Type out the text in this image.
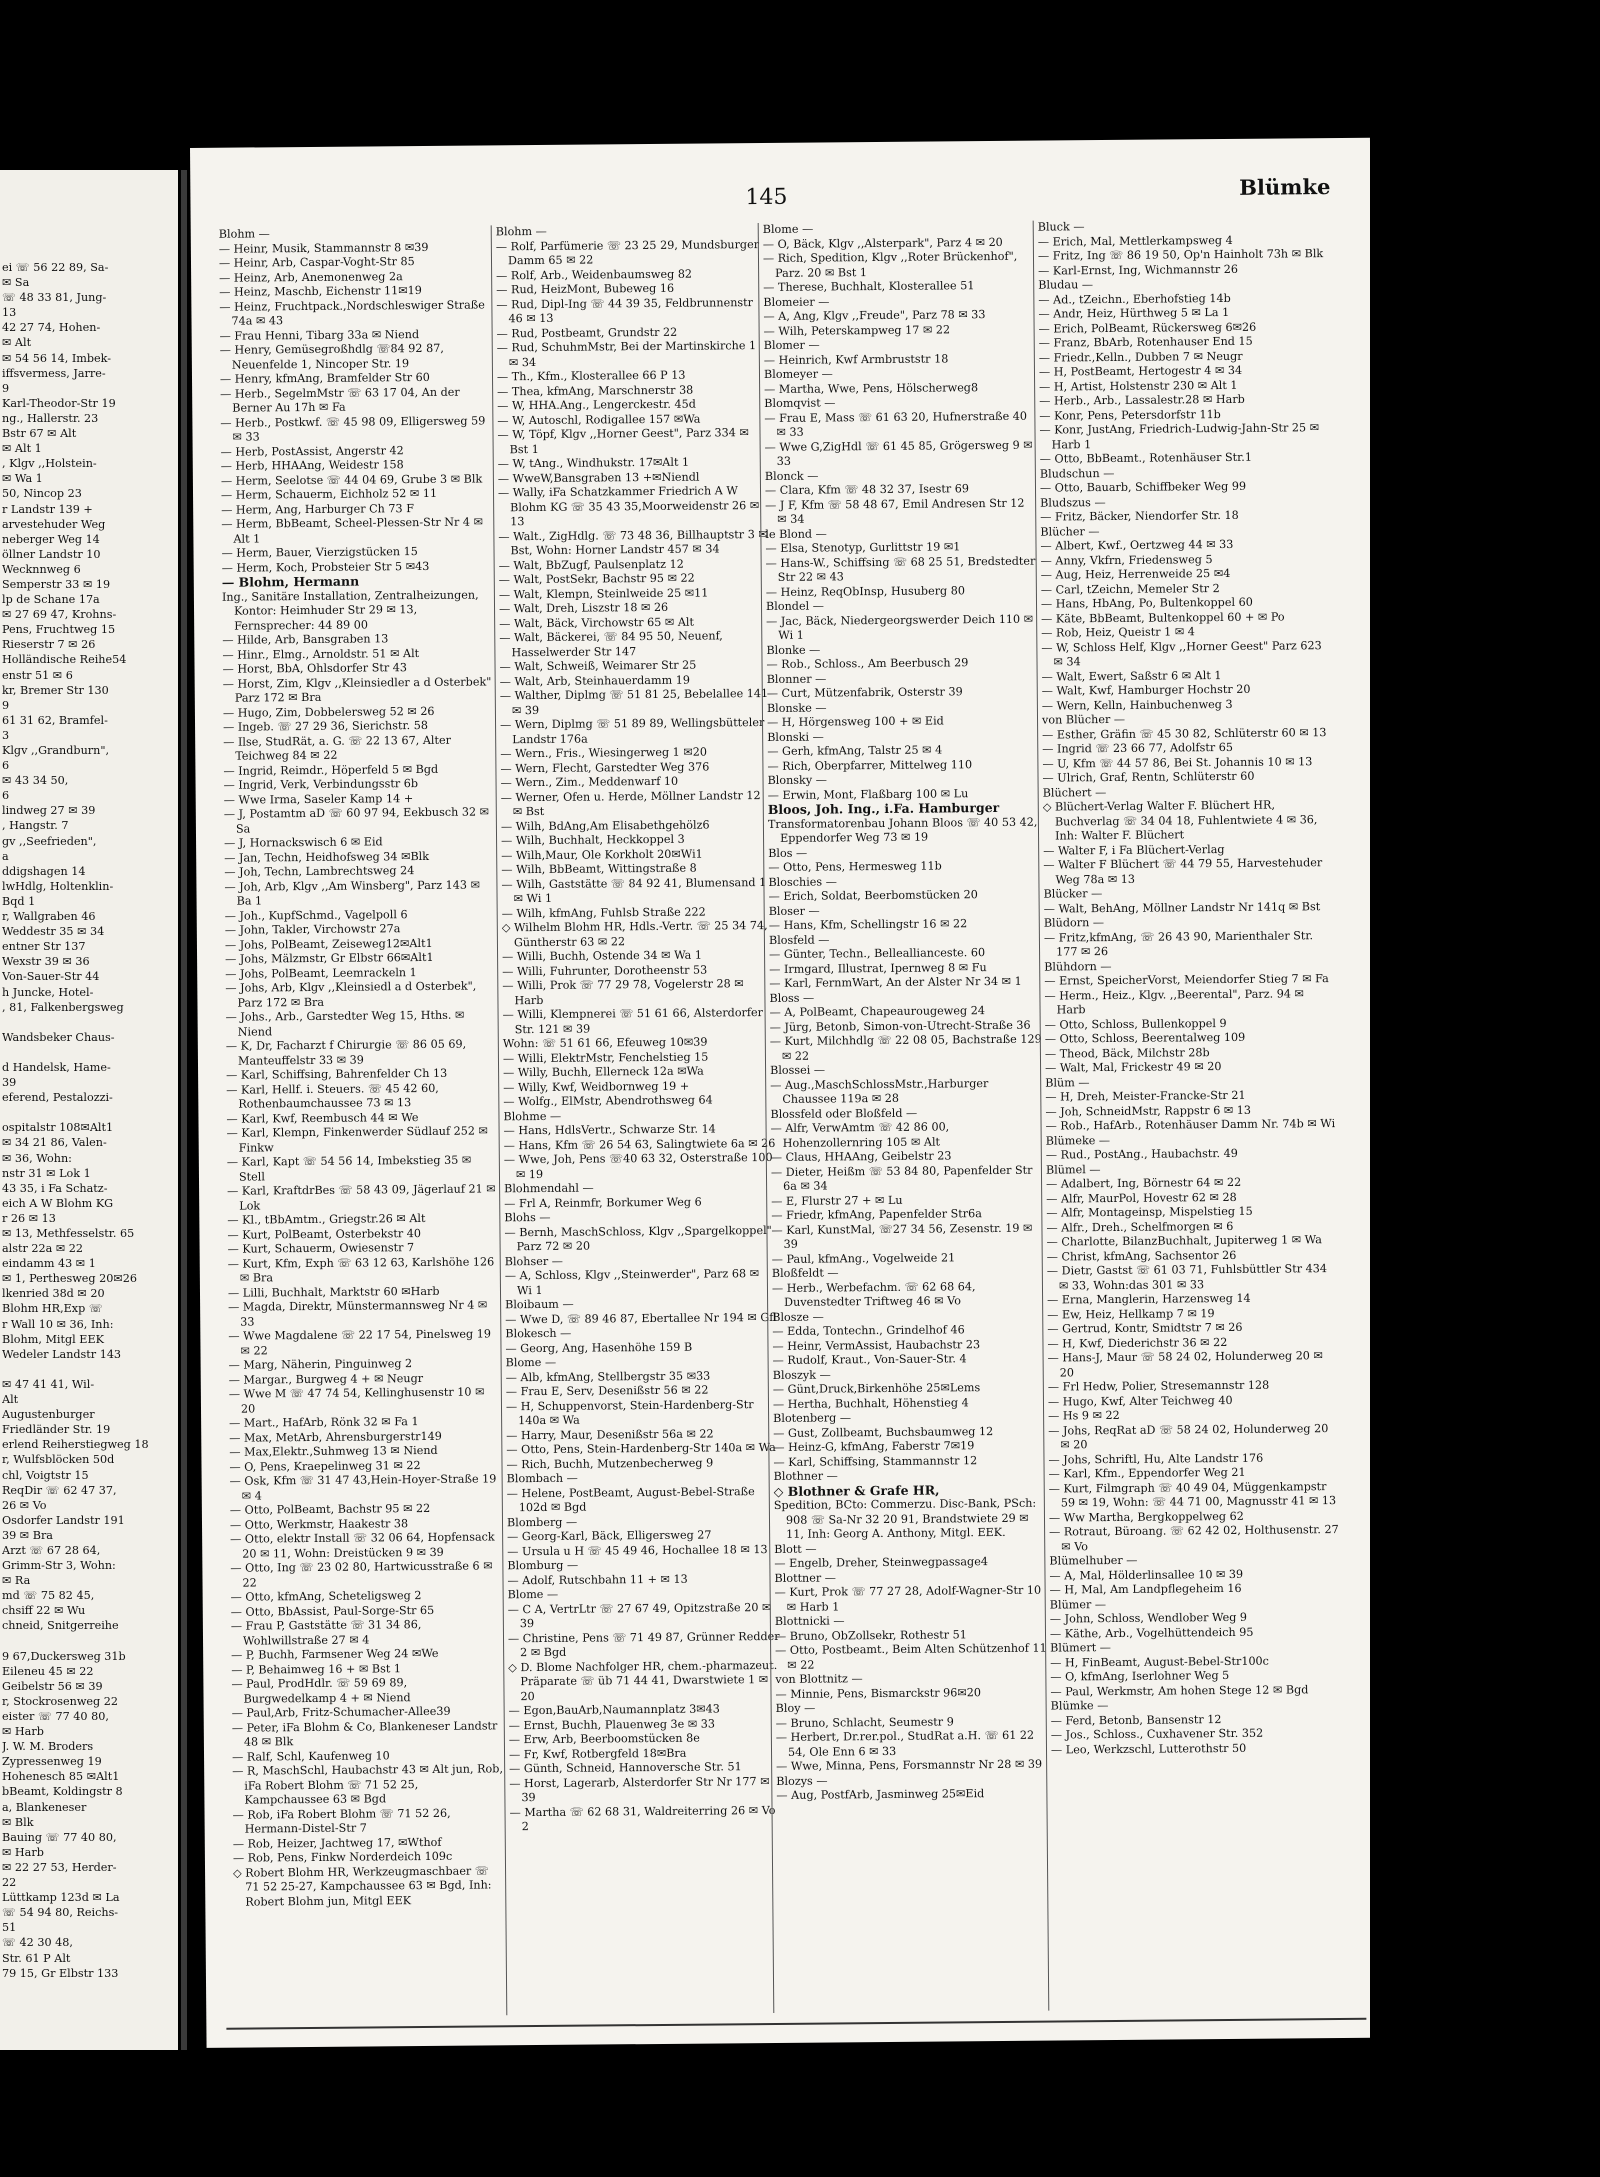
ei ☏ 56 22 89, Sa-
✉ Sa
☏ 48 33 81, Jung-
13
42 27 74, Hohen-
✉ Alt
✉ 54 56 14, Imbek-
iffsvermess, Jarre-
9
Karl-Theodor-Str 19
ng., Hallerstr. 23
Bstr 67 ✉ Alt
✉ Alt 1
, Klgv ,,Holstein-
✉ Wa 1
50, Nincop 23
r Landstr 139 +
arvestehuder Weg
neberger Weg 14
öllner Landstr 10
Wecknnweg 6
Semperstr 33 ✉ 19
lp de Schane 17a
✉ 27 69 47, Krohns-
Pens, Fruchtweg 15
Rieserstr 7 ✉ 26
Holländische Reihe54
enstr 51 ✉ 6
kr, Bremer Str 130
9
61 31 62, Bramfel-
3
Klgv ,,Grandburn",
6
✉ 43 34 50,
6
lindweg 27 ✉ 39
, Hangstr. 7
gv ,,Seefrieden",
a
ddigshagen 14
lwHdlg, Holtenklin-
Bqd 1
r, Wallgraben 46
Weddestr 35 ✉ 34
entner Str 137
Wexstr 39 ✉ 36
Von-Sauer-Str 44
h Juncke, Hotel-
, 81, Falkenbergsweg

Wandsbeker Chaus-

d Handelsk, Hame-
39
eferend, Pestalozzi-

ospitalstr 108✉Alt1
✉ 34 21 86, Valen-
✉ 36, Wohn:
nstr 31 ✉ Lok 1
43 35, i Fa Schatz-
eich A W Blohm KG
r 26 ✉ 13
✉ 13, Methfesselstr. 65
alstr 22a ✉ 22
eindamm 43 ✉ 1
✉ 1, Perthesweg 20✉26
lkenried 38d ✉ 20
Blohm HR,Exp ☏
r Wall 10 ✉ 36, Inh:
Blohm, Mitgl EEK
Wedeler Landstr 143

✉ 47 41 41, Wil-
Alt
Augustenburger
Friedländer Str. 19
erlend Reiherstiegweg 18
r, Wulfsblöcken 50d
chl, Voigtstr 15
ReqDir ☏ 62 47 37,
26 ✉ Vo
Osdorfer Landstr 191
39 ✉ Bra
Arzt ☏ 67 28 64,
Grimm-Str 3, Wohn:
✉ Ra
md ☏ 75 82 45,
chsiff 22 ✉ Wu
chneid, Snitgerreihe

9 67,Duckersweg 31b
Eileneu 45 ✉ 22
Geibelstr 56 ✉ 39
r, Stockrosenweg 22
eister ☏ 77 40 80,
✉ Harb
J. W. M. Broders
Zypressenweg 19
Hohenesch 85 ✉Alt1
bBeamt, Koldingstr 8
a, Blankeneser
✉ Blk
Bauing ☏ 77 40 80,
✉ Harb
✉ 22 27 53, Herder-
22
Lüttkamp 123d ✉ La
☏ 54 94 80, Reichs-
51
☏ 42 30 48,
Str. 61 P Alt
79 15, Gr Elbstr 133
145	Blümke
Blohm —
— Heinr, Musik, Stammannstr 8 ✉39
— Heinr, Arb, Caspar-Voght-Str 85
— Heinz, Arb, Anemonenweg 2a
— Heinz, Maschb, Eichenstr 11✉19
— Heinz, Fruchtpack.,Nordschleswiger Straße 74a ✉ 43
— Frau Henni, Tibarg 33a ✉ Niend
— Henry, Gemüsegroßhdlg ☏84 92 87, Neuenfelde 1, Nincoper Str. 19
— Henry, kfmAng, Bramfelder Str 60
— Herb., SegelmMstr ☏ 63 17 04, An der Berner Au 17h ✉ Fa
— Herb., Postkwf. ☏ 45 98 09, Elligersweg 59 ✉ 33
— Herb, PostAssist, Angerstr 42
— Herb, HHAAng, Weidestr 158
— Herm, Seelotse ☏ 44 04 69, Grube 3 ✉ Blk
— Herm, Schauerm, Eichholz 52 ✉ 11
— Herm, Ang, Harburger Ch 73 F
— Herm, BbBeamt, Scheel-Plessen-Str Nr 4 ✉ Alt 1
— Herm, Bauer, Vierzigstücken 15
— Herm, Koch, Probsteier Str 5 ✉43
— Blohm, Hermann
Ing., Sanitäre Installation, Zentralheizungen, Kontor: Heimhuder Str 29 ✉ 13, Fernsprecher: 44 89 00
— Hilde, Arb, Bansgraben 13
— Hinr., Elmg., Arnoldstr. 51 ✉ Alt
— Horst, BbA, Ohlsdorfer Str 43
— Horst, Zim, Klgv ,,Kleinsiedler a d Osterbek" Parz 172 ✉ Bra
— Hugo, Zim, Dobbelersweg 52 ✉ 26
— Ingeb. ☏ 27 29 36, Sierichstr. 58
— Ilse, StudRät, a. G. ☏ 22 13 67, Alter Teichweg 84 ✉ 22
— Ingrid, Reimdr., Höperfeld 5 ✉ Bgd
— Ingrid, Verk, Verbindungsstr 6b
— Wwe Irma, Saseler Kamp 14 +
— J, Postamtm aD ☏ 60 97 94, Eekbusch 32 ✉ Sa
— J, Hornackswisch 6 ✉ Eid
— Jan, Techn, Heidhofsweg 34 ✉Blk
— Joh, Techn, Lambrechtsweg 24
— Joh, Arb, Klgv ,,Am Winsberg", Parz 143 ✉ Ba 1
— Joh., KupfSchmd., Vagelpoll 6
— John, Takler, Virchowstr 27a
— Johs, PolBeamt, Zeiseweg12✉Alt1
— Johs, Mälzmstr, Gr Elbstr 66✉Alt1
— Johs, PolBeamt, Leemrackeln 1
— Johs, Arb, Klgv ,,Kleinsiedl a d Osterbek", Parz 172 ✉ Bra
— Johs., Arb., Garstedter Weg 15, Hths. ✉ Niend
— K, Dr, Facharzt f Chirurgie ☏ 86 05 69, Manteuffelstr 33 ✉ 39
— Karl, Schiffsing, Bahrenfelder Ch 13
— Karl, Hellf. i. Steuers. ☏ 45 42 60, Rothenbaumchaussee 73 ✉ 13
— Karl, Kwf, Reembusch 44 ✉ We
— Karl, Klempn, Finkenwerder Südlauf 252 ✉ Finkw
— Karl, Kapt ☏ 54 56 14, Imbekstieg 35 ✉ Stell
— Karl, KraftdrBes ☏ 58 43 09, Jägerlauf 21 ✉ Lok
— Kl., tBbAmtm., Griegstr.26 ✉ Alt
— Kurt, PolBeamt, Osterbekstr 40
— Kurt, Schauerm, Owiesenstr 7
— Kurt, Kfm, Exph ☏ 63 12 63, Karlshöhe 126 ✉ Bra
— Lilli, Buchhalt, Marktstr 60 ✉Harb
— Magda, Direktr, Münstermannsweg Nr 4 ✉ 33
— Wwe Magdalene ☏ 22 17 54, Pinelsweg 19 ✉ 22
— Marg, Näherin, Pinguinweg 2
— Margar., Burgweg 4 + ✉ Neugr
— Wwe M ☏ 47 74 54, Kellinghusenstr 10 ✉ 20
— Mart., HafArb, Rönk 32 ✉ Fa 1
— Max, MetArb, Ahrensburgerstr149
— Max,Elektr.,Suhmweg 13 ✉ Niend
— O, Pens, Kraepelinweg 31 ✉ 22
— Osk, Kfm ☏ 31 47 43,Hein-Hoyer-Straße 19 ✉ 4
— Otto, PolBeamt, Bachstr 95 ✉ 22
— Otto, Werkmstr, Haakestr 38
— Otto, elektr Install ☏ 32 06 64, Hopfensack 20 ✉ 11, Wohn: Dreistücken 9 ✉ 39
— Otto, Ing ☏ 23 02 80, Hartwicusstraße 6 ✉ 22
— Otto, kfmAng, Scheteligsweg 2
— Otto, BbAssist, Paul-Sorge-Str 65
— Frau P, Gaststätte ☏ 31 34 86, Wohlwillstraße 27 ✉ 4
— P, Buchh, Farmsener Weg 24 ✉We
— P, Behaimweg 16 + ✉ Bst 1
— Paul, ProdHdlr. ☏ 59 69 89, Burgwedelkamp 4 + ✉ Niend
— Paul,Arb, Fritz-Schumacher-Allee39
— Peter, iFa Blohm & Co, Blankeneser Landstr 48 ✉ Blk
— Ralf, Schl, Kaufenweg 10
— R, MaschSchl, Haubachstr 43 ✉ Alt jun, Rob, iFa Robert Blohm ☏ 71 52 25, Kampchaussee 63 ✉ Bgd
— Rob, iFa Robert Blohm ☏ 71 52 26, Hermann-Distel-Str 7
— Rob, Heizer, Jachtweg 17, ✉Wthof
— Rob, Pens, Finkw Norderdeich 109c
◇ Robert Blohm HR, Werkzeugmaschbaer ☏ 71 52 25-27, Kampchaussee 63 ✉ Bgd, Inh: Robert Blohm jun, Mitgl EEK
Blohm —
— Rolf, Parfümerie ☏ 23 25 29, Mundsburger Damm 65 ✉ 22
— Rolf, Arb., Weidenbaumsweg 82
— Rud, HeizMont, Bubeweg 16
— Rud, Dipl-Ing ☏ 44 39 35, Feldbrunnenstr 46 ✉ 13
— Rud, Postbeamt, Grundstr 22
— Rud, SchuhmMstr, Bei der Martinskirche 1 ✉ 34
— Th., Kfm., Klosterallee 66 P 13
— Thea, kfmAng, Marschnerstr 38
— W, HHA.Ang., Lengerckestr. 45d
— W, Autoschl, Rodigallee 157 ✉Wa
— W, Töpf, Klgv ,,Horner Geest", Parz 334 ✉ Bst 1
— W, tAng., Windhukstr. 17✉Alt 1
— WweW,Bansgraben 13 +✉Niendl
— Wally, iFa Schatzkammer Friedrich A W Blohm KG ☏ 35 43 35,Moorweidenstr 26 ✉ 13
— Walt., ZigHdlg. ☏ 73 48 36, Billhauptstr 3 ✉ Bst, Wohn: Horner Landstr 457 ✉ 34
— Walt, BbZugf, Paulsenplatz 12
— Walt, PostSekr, Bachstr 95 ✉ 22
— Walt, Klempn, Steinlweide 25 ✉11
— Walt, Dreh, Liszstr 18 ✉ 26
— Walt, Bäck, Virchowstr 65 ✉ Alt
— Walt, Bäckerei, ☏ 84 95 50, Neuenf, Hasselwerder Str 147
— Walt, Schweiß, Weimarer Str 25
— Walt, Arb, Steinhauerdamm 19
— Walther, Diplmg ☏ 51 81 25, Bebelallee 141 ✉ 39
— Wern, Diplmg ☏ 51 89 89, Wellingsbütteler Landstr 176a
— Wern., Fris., Wiesingerweg 1 ✉20
— Wern, Flecht, Garstedter Weg 376
— Wern., Zim., Meddenwarf 10
— Werner, Ofen u. Herde, Möllner Landstr 12 ✉ Bst
— Wilh, BdAng,Am Elisabethgehölz6
— Wilh, Buchhalt, Heckkoppel 3
— Wilh,Maur, Ole Korkholt 20✉Wi1
— Wilh, BbBeamt, Wittingstraße 8
— Wilh, Gaststätte ☏ 84 92 41, Blumensand 1 ✉ Wi 1
— Wilh, kfmAng, Fuhlsb Straße 222
◇ Wilhelm Blohm HR, Hdls.-Vertr. ☏ 25 34 74, Güntherstr 63 ✉ 22
— Willi, Buchh, Ostende 34 ✉ Wa 1
— Willi, Fuhrunter, Dorotheenstr 53
— Willi, Prok ☏ 77 29 78, Vogelerstr 28 ✉ Harb
— Willi, Klempnerei ☏ 51 61 66, Alsterdorfer Str. 121 ✉ 39
Wohn: ☏ 51 61 66, Efeuweg 10✉39
— Willi, ElektrMstr, Fenchelstieg 15
— Willy, Buchh, Ellerneck 12a ✉Wa
— Willy, Kwf, Weidbornweg 19 +
— Wolfg., ElMstr, Abendrothsweg 64
Blohme —
— Hans, HdlsVertr., Schwarze Str. 14
— Hans, Kfm ☏ 26 54 63, Salingtwiete 6a ✉ 26
— Wwe, Joh, Pens ☏40 63 32, Osterstraße 100 ✉ 19
Blohmendahl —
— Frl A, Reinmfr, Borkumer Weg 6
Blohs —
— Bernh, MaschSchloss, Klgv ,,Spargelkoppel" Parz 72 ✉ 20
Blohser —
— A, Schloss, Klgv ,,Steinwerder", Parz 68 ✉ Wi 1
Bloibaum —
— Wwe D, ☏ 89 46 87, Ebertallee Nr 194 ✉ Gfl
Blokesch —
— Georg, Ang, Hasenhöhe 159 B
Blome —
— Alb, kfmAng, Stellbergstr 35 ✉33
— Frau E, Serv, Desenißstr 56 ✉ 22
— H, Schuppenvorst, Stein-Hardenberg-Str 140a ✉ Wa
— Harry, Maur, Desenißstr 56a ✉ 22
— Otto, Pens, Stein-Hardenberg-Str 140a ✉ Wa
— Rich, Buchh, Mutzenbecherweg 9
Blombach —
— Helene, PostBeamt, August-Bebel-Straße 102d ✉ Bgd
Blomberg —
— Georg-Karl, Bäck, Elligersweg 27
— Ursula u H ☏ 45 49 46, Hochallee 18 ✉ 13
Blomburg —
— Adolf, Rutschbahn 11 + ✉ 13
Blome —
— C A, VertrLtr ☏ 27 67 49, Opitzstraße 20 ✉ 39
— Christine, Pens ☏ 71 49 87, Grünner Redder 2 ✉ Bgd
◇ D. Blome Nachfolger HR, chem.-pharmazeut. Präparate ☏ üb 71 44 41, Dwarstwiete 1 ✉ 20
— Egon,BauArb,Naumannplatz 3✉43
— Ernst, Buchh, Plauenweg 3e ✉ 33
— Erw, Arb, Beerboomstücken 8e
— Fr, Kwf, Rotbergfeld 18✉Bra
— Günth, Schneid, Hannoversche Str. 51
— Horst, Lagerarb, Alsterdorfer Str Nr 177 ✉ 39
— Martha ☏ 62 68 31, Waldreiterring 26 ✉ Vo 2
Blome —
— O, Bäck, Klgv ,,Alsterpark", Parz 4 ✉ 20
— Rich, Spedition, Klgv ,,Roter Brückenhof", Parz. 20 ✉ Bst 1
— Therese, Buchhalt, Klosterallee 51
Blomeier —
— A, Ang, Klgv ,,Freude", Parz 78 ✉ 33
— Wilh, Peterskampweg 17 ✉ 22
Blomer —
— Heinrich, Kwf Armbruststr 18
Blomeyer —
— Martha, Wwe, Pens, Hölscherweg8
Blomqvist —
— Frau E, Mass ☏ 61 63 20, Hufnerstraße 40 ✉ 33
— Wwe G,ZigHdl ☏ 61 45 85, Grögersweg 9 ✉ 33
Blonck —
— Clara, Kfm ☏ 48 32 37, Isestr 69
— J F, Kfm ☏ 58 48 67, Emil Andresen Str 12 ✉ 34
le Blond —
— Elsa, Stenotyp, Gurlittstr 19 ✉1
— Hans-W., Schiffsing ☏ 68 25 51, Bredstedter Str 22 ✉ 43
— Heinz, ReqObInsp, Husuberg 80
Blondel —
— Jac, Bäck, Niedergeorgswerder Deich 110 ✉ Wi 1
Blonke —
— Rob., Schloss., Am Beerbusch 29
Blonner —
— Curt, Mützenfabrik, Osterstr 39
Blonske —
— H, Hörgensweg 100 + ✉ Eid
Blonski —
— Gerh, kfmAng, Talstr 25 ✉ 4
— Rich, Oberpfarrer, Mittelweg 110
Blonsky —
— Erwin, Mont, Flaßbarg 100 ✉ Lu
Bloos, Joh. Ing., i.Fa. Hamburger
Transformatorenbau Johann Bloos ☏ 40 53 42, Eppendorfer Weg 73 ✉ 19
Blos —
— Otto, Pens, Hermesweg 11b
Bloschies —
— Erich, Soldat, Beerbomstücken 20
Bloser —
— Hans, Kfm, Schellingstr 16 ✉ 22
Blosfeld —
— Günter, Techn., Belleallianceste. 60
— Irmgard, Illustrat, Ipernweg 8 ✉ Fu
— Karl, FernmWart, An der Alster Nr 34 ✉ 1
Bloss —
— A, PolBeamt, Chapeaurougeweg 24
— Jürg, Betonb, Simon-von-Utrecht-Straße 36
— Kurt, Milchhdlg ☏ 22 08 05, Bachstraße 129 ✉ 22
Blossei —
— Aug.,MaschSchlossMstr.,Harburger Chaussee 119a ✉ 28
Blossfeld oder Bloßfeld —
— Alfr, VerwAmtm ☏ 42 86 00, Hohenzollernring 105 ✉ Alt
— Claus, HHAAng, Geibelstr 23
— Dieter, Heißm ☏ 53 84 80, Papenfelder Str 6a ✉ 34
— E, Flurstr 27 + ✉ Lu
— Friedr, kfmAng, Papenfelder Str6a
— Karl, KunstMal, ☏27 34 56, Zesenstr. 19 ✉ 39
— Paul, kfmAng., Vogelweide 21
Bloßfeldt —
— Herb., Werbefachm. ☏ 62 68 64, Duvenstedter Triftweg 46 ✉ Vo
Blosze —
— Edda, Tontechn., Grindelhof 46
— Heinr, VermAssist, Haubachstr 23
— Rudolf, Kraut., Von-Sauer-Str. 4
Bloszyk —
— Günt,Druck,Birkenhöhe 25✉Lems
— Hertha, Buchhalt, Höhenstieg 4
Blotenberg —
— Gust, Zollbeamt, Buchsbaumweg 12
— Heinz-G, kfmAng, Faberstr 7✉19
— Karl, Schiffsing, Stammannstr 12
Blothner —
◇ Blothner & Grafe HR,
Spedition, BCto: Commerzu. Disc-Bank, PSch: 908 ☏ Sa-Nr 32 20 91, Brandstwiete 29 ✉ 11, Inh: Georg A. Anthony, Mitgl. EEK.
Blott —
— Engelb, Dreher, Steinwegpassage4
Blottner —
— Kurt, Prok ☏ 77 27 28, Adolf-Wagner-Str 10 ✉ Harb 1
Blottnicki —
— Bruno, ObZollsekr, Rothestr 51
— Otto, Postbeamt., Beim Alten Schützenhof 11 ✉ 22
von Blottnitz —
— Minnie, Pens, Bismarckstr 96✉20
Bloy —
— Bruno, Schlacht, Seumestr 9
— Herbert, Dr.rer.pol., StudRat a.H. ☏ 61 22 54, Ole Enn 6 ✉ 33
— Wwe, Minna, Pens, Forsmannstr Nr 28 ✉ 39
Blozys —
— Aug, PostfArb, Jasminweg 25✉Eid
Bluck —
— Erich, Mal, Mettlerkampsweg 4
— Fritz, Ing ☏ 86 19 50, Op'n Hainholt 73h ✉ Blk
— Karl-Ernst, Ing, Wichmannstr 26
Bludau —
— Ad., tZeichn., Eberhofstieg 14b
— Andr, Heiz, Hürthweg 5 ✉ La 1
— Erich, PolBeamt, Rückersweg 6✉26
— Franz, BbArb, Rotenhauser End 15
— Friedr.,Kelln., Dubben 7 ✉ Neugr
— H, PostBeamt, Hertogestr 4 ✉ 34
— H, Artist, Holstenstr 230 ✉ Alt 1
— Herb., Arb., Lassalestr.28 ✉ Harb
— Konr, Pens, Petersdorfstr 11b
— Konr, JustAng, Friedrich-Ludwig-Jahn-Str 25 ✉ Harb 1
— Otto, BbBeamt., Rotenhäuser Str.1
Bludschun —
— Otto, Bauarb, Schiffbeker Weg 99
Bludszus —
— Fritz, Bäcker, Niendorfer Str. 18
Blücher —
— Albert, Kwf., Oertzweg 44 ✉ 33
— Anny, Vkfrn, Friedensweg 5
— Aug, Heiz, Herrenweide 25 ✉4
— Carl, tZeichn, Memeler Str 2
— Hans, HbAng, Po, Bultenkoppel 60
— Käte, BbBeamt, Bultenkoppel 60 + ✉ Po
— Rob, Heiz, Queistr 1 ✉ 4
— W, Schloss Helf, Klgv ,,Horner Geest" Parz 623 ✉ 34
— Walt, Ewert, Saßstr 6 ✉ Alt 1
— Walt, Kwf, Hamburger Hochstr 20
— Wern, Kelln, Hainbuchenweg 3
von Blücher —
— Esther, Gräfin ☏ 45 30 82, Schlüterstr 60 ✉ 13
— Ingrid ☏ 23 66 77, Adolfstr 65
— U, Kfm ☏ 44 57 86, Bei St. Johannis 10 ✉ 13
— Ulrich, Graf, Rentn, Schlüterstr 60
Blüchert —
◇ Blüchert-Verlag Walter F. Blüchert HR, Buchverlag ☏ 34 04 18, Fuhlentwiete 4 ✉ 36, Inh: Walter F. Blüchert
— Walter F, i Fa Blüchert-Verlag
— Walter F Blüchert ☏ 44 79 55, Harvestehuder Weg 78a ✉ 13
Blücker —
— Walt, BehAng, Möllner Landstr Nr 141q ✉ Bst
Blüdorn —
— Fritz,kfmAng, ☏ 26 43 90, Marienthaler Str. 177 ✉ 26
Blühdorn —
— Ernst, SpeicherVorst, Meiendorfer Stieg 7 ✉ Fa
— Herm., Heiz., Klgv. ,,Beerental", Parz. 94 ✉ Harb
— Otto, Schloss, Bullenkoppel 9
— Otto, Schloss, Beerentalweg 109
— Theod, Bäck, Milchstr 28b
— Walt, Mal, Frickestr 49 ✉ 20
Blüm —
— H, Dreh, Meister-Francke-Str 21
— Joh, SchneidMstr, Rappstr 6 ✉ 13
— Rob., HafArb., Rotenhäuser Damm Nr. 74b ✉ Wi
Blümeke —
— Rud., PostAng., Haubachstr. 49
Blümel —
— Adalbert, Ing, Börnestr 64 ✉ 22
— Alfr, MaurPol, Hovestr 62 ✉ 28
— Alfr, Montageinsp, Mispelstieg 15
— Alfr., Dreh., Schelfmorgen ✉ 6
— Charlotte, BilanzBuchhalt, Jupiterweg 1 ✉ Wa
— Christ, kfmAng, Sachsentor 26
— Dietr, Gastst ☏ 61 03 71, Fuhlsbüttler Str 434 ✉ 33, Wohn:das 301 ✉ 33
— Erna, Manglerin, Harzensweg 14
— Ew, Heiz, Hellkamp 7 ✉ 19
— Gertrud, Kontr, Smidtstr 7 ✉ 26
— H, Kwf, Diederichstr 36 ✉ 22
— Hans-J, Maur ☏ 58 24 02, Holunderweg 20 ✉ 20
— Frl Hedw, Polier, Stresemannstr 128
— Hugo, Kwf, Alter Teichweg 40
— Hs 9 ✉ 22
— Johs, ReqRat aD ☏ 58 24 02, Holunderweg 20 ✉ 20
— Johs, Schriftl, Hu, Alte Landstr 176
— Karl, Kfm., Eppendorfer Weg 21
— Kurt, Filmgraph ☏ 40 49 04, Müggenkampstr 59 ✉ 19, Wohn: ☏ 44 71 00, Magnusstr 41 ✉ 13
— Ww Martha, Bergkoppelweg 62
— Rotraut, Büroang. ☏ 62 42 02, Holthusenstr. 27 ✉ Vo
Blümelhuber —
— A, Mal, Hölderlinsallee 10 ✉ 39
— H, Mal, Am Landpflegeheim 16
Blümer —
— John, Schloss, Wendlober Weg 9
— Käthe, Arb., Vogelhüttendeich 95
Blümert —
— H, FinBeamt, August-Bebel-Str100c
— O, kfmAng, Iserlohner Weg 5
— Paul, Werkmstr, Am hohen Stege 12 ✉ Bgd
Blümke —
— Ferd, Betonb, Bansenstr 12
— Jos., Schloss., Cuxhavener Str. 352
— Leo, Werkzschl, Lutterothstr 50
